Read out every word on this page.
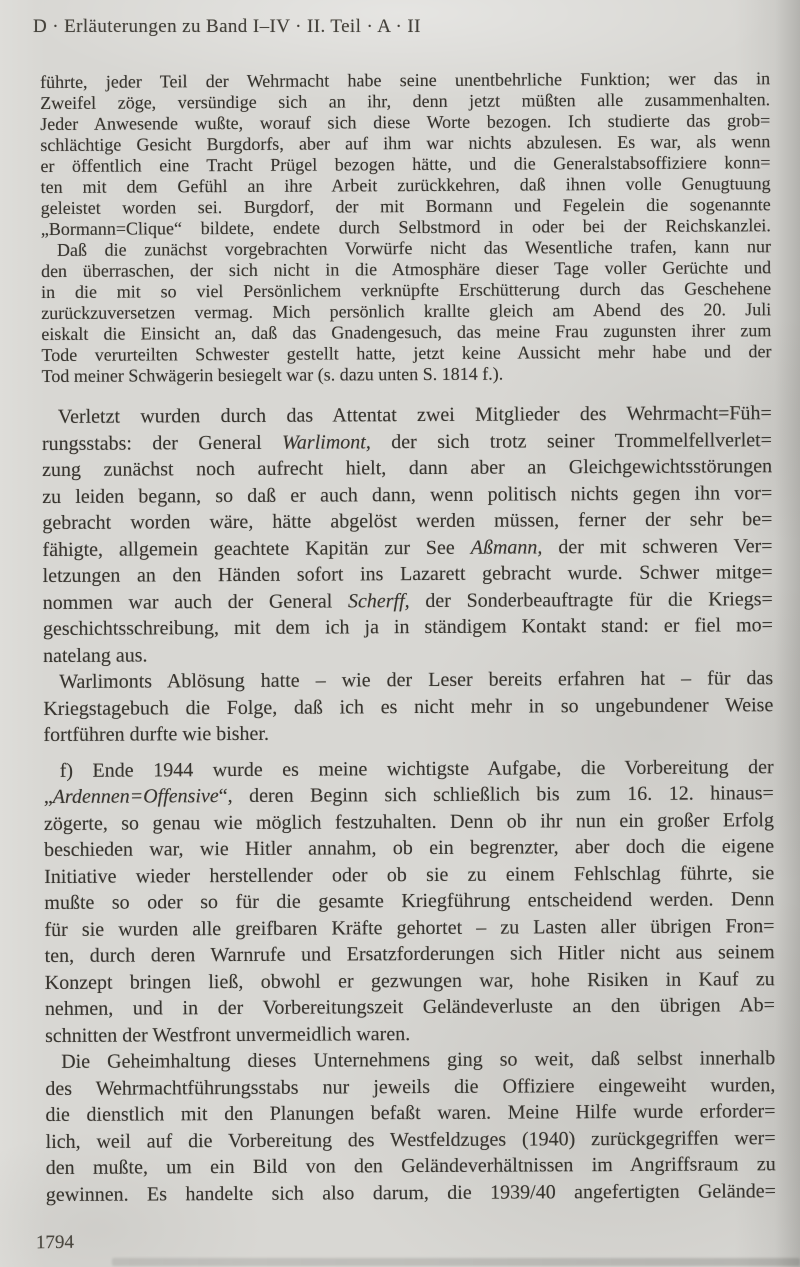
D · Erläuterungen zu Band I–IV · II. Teil · A · II

führte, jeder Teil der Wehrmacht habe seine unentbehrliche Funktion; wer das in
Zweifel zöge, versündige sich an ihr, denn jetzt müßten alle zusammenhalten.
Jeder Anwesende wußte, worauf sich diese Worte bezogen. Ich studierte das grob=
schlächtige Gesicht Burgdorfs, aber auf ihm war nichts abzulesen. Es war, als wenn
er öffentlich eine Tracht Prügel bezogen hätte, und die Generalstabsoffiziere konn=
ten mit dem Gefühl an ihre Arbeit zurückkehren, daß ihnen volle Genugtuung
geleistet worden sei. Burgdorf, der mit Bormann und Fegelein die sogenannte
„Bormann=Clique“ bildete, endete durch Selbstmord in oder bei der Reichskanzlei.

Daß die zunächst vorgebrachten Vorwürfe nicht das Wesentliche trafen, kann nur
den überraschen, der sich nicht in die Atmosphäre dieser Tage voller Gerüchte und
in die mit so viel Persönlichem verknüpfte Erschütterung durch das Geschehene
zurückzuversetzen vermag. Mich persönlich krallte gleich am Abend des 20. Juli
eiskalt die Einsicht an, daß das Gnadengesuch, das meine Frau zugunsten ihrer zum
Tode verurteilten Schwester gestellt hatte, jetzt keine Aussicht mehr habe und der
Tod meiner Schwägerin besiegelt war (s. dazu unten S. 1814 f.).

Verletzt wurden durch das Attentat zwei Mitglieder des Wehrmacht=Füh=
rungsstabs: der General Warlimont, der sich trotz seiner Trommelfellverlet=
zung zunächst noch aufrecht hielt, dann aber an Gleichgewichtsstörungen
zu leiden begann, so daß er auch dann, wenn politisch nichts gegen ihn vor=
gebracht worden wäre, hätte abgelöst werden müssen, ferner der sehr be=
fähigte, allgemein geachtete Kapitän zur See Aßmann, der mit schweren Ver=
letzungen an den Händen sofort ins Lazarett gebracht wurde. Schwer mitge=
nommen war auch der General Scherff, der Sonderbeauftragte für die Kriegs=
geschichtsschreibung, mit dem ich ja in ständigem Kontakt stand: er fiel mo=
natelang aus.

Warlimonts Ablösung hatte – wie der Leser bereits erfahren hat – für das
Kriegstagebuch die Folge, daß ich es nicht mehr in so ungebundener Weise
fortführen durfte wie bisher.

f) Ende 1944 wurde es meine wichtigste Aufgabe, die Vorbereitung der
„Ardennen=Offensive“, deren Beginn sich schließlich bis zum 16. 12. hinaus=
zögerte, so genau wie möglich festzuhalten. Denn ob ihr nun ein großer Erfolg
beschieden war, wie Hitler annahm, ob ein begrenzter, aber doch die eigene
Initiative wieder herstellender oder ob sie zu einem Fehlschlag führte, sie
mußte so oder so für die gesamte Kriegführung entscheidend werden. Denn
für sie wurden alle greifbaren Kräfte gehortet – zu Lasten aller übrigen Fron=
ten, durch deren Warnrufe und Ersatzforderungen sich Hitler nicht aus seinem
Konzept bringen ließ, obwohl er gezwungen war, hohe Risiken in Kauf zu
nehmen, und in der Vorbereitungszeit Geländeverluste an den übrigen Ab=
schnitten der Westfront unvermeidlich waren.

Die Geheimhaltung dieses Unternehmens ging so weit, daß selbst innerhalb
des Wehrmachtführungsstabs nur jeweils die Offiziere eingeweiht wurden,
die dienstlich mit den Planungen befaßt waren. Meine Hilfe wurde erforder=
lich, weil auf die Vorbereitung des Westfeldzuges (1940) zurückgegriffen wer=
den mußte, um ein Bild von den Geländeverhältnissen im Angriffsraum zu
gewinnen. Es handelte sich also darum, die 1939/40 angefertigten Gelände=

1794
